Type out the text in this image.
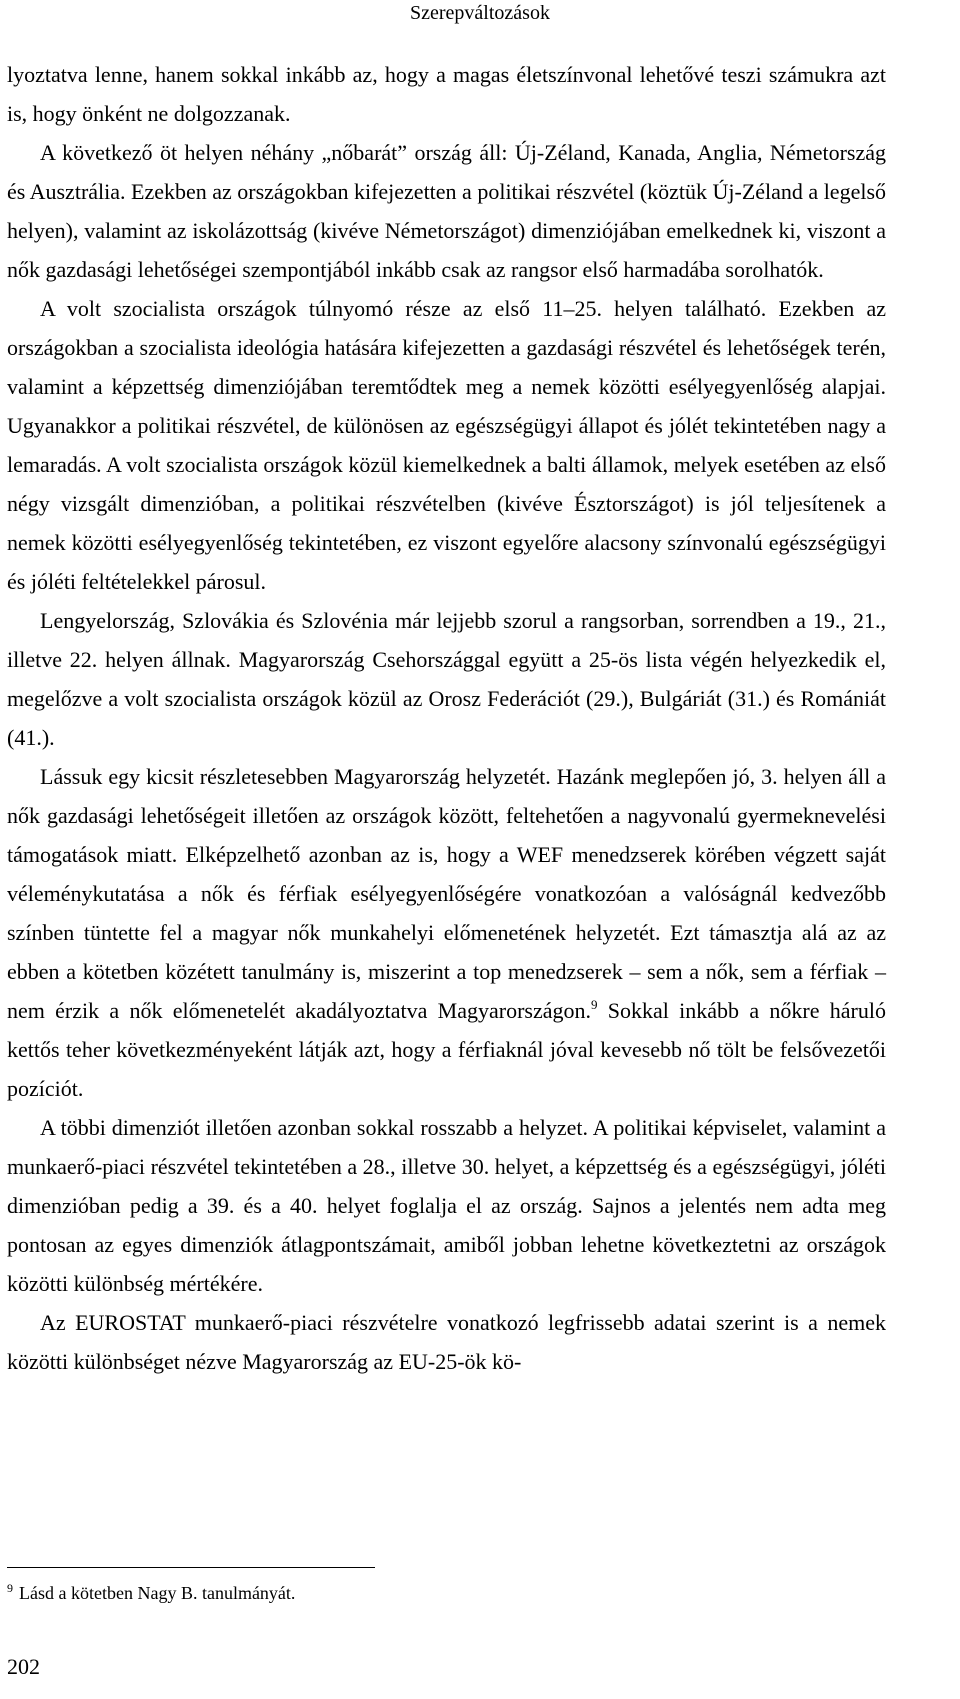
Szerepváltozások

lyoztatva lenne, hanem sokkal inkább az, hogy a magas életszínvonal lehetővé teszi számukra azt is, hogy önként ne dolgozzanak.

A következő öt helyen néhány „nőbarát” ország áll: Új-Zéland, Kanada, Anglia, Németország és Ausztrália. Ezekben az országokban kifejezetten a politikai részvétel (köztük Új-Zéland a legelső helyen), valamint az iskolázottság (kivéve Németországot) dimenziójában emelkednek ki, viszont a nők gazdasági lehetőségei szempontjából inkább csak az rangsor első harmadába sorolhatók.

A volt szocialista országok túlnyomó része az első 11–25. helyen található. Ezekben az országokban a szocialista ideológia hatására kifejezetten a gazdasági részvétel és lehetőségek terén, valamint a képzettség dimenziójában teremtődtek meg a nemek közötti esélyegyenlőség alapjai. Ugyanakkor a politikai részvétel, de különösen az egészségügyi állapot és jólét tekintetében nagy a lemaradás. A volt szocialista országok közül kiemelkednek a balti államok, melyek esetében az első négy vizsgált dimenzióban, a politikai részvételben (kivéve Észtországot) is jól teljesítenek a nemek közötti esélyegyenlőség tekintetében, ez viszont egyelőre alacsony színvonalú egészségügyi és jóléti feltételekkel párosul.

Lengyelország, Szlovákia és Szlovénia már lejjebb szorul a rangsorban, sorrendben a 19., 21., illetve 22. helyen állnak. Magyarország Csehországgal együtt a 25-ös lista végén helyezkedik el, megelőzve a volt szocialista országok közül az Orosz Federációt (29.), Bulgáriát (31.) és Romániát (41.).

Lássuk egy kicsit részletesebben Magyarország helyzetét. Hazánk meglepően jó, 3. helyen áll a nők gazdasági lehetőségeit illetően az országok között, feltehetően a nagyvonalú gyermeknevelési támogatások miatt. Elképzelhető azonban az is, hogy a WEF menedzserek körében végzett saját véleménykutatása a nők és férfiak esélyegyenlőségére vonatkozóan a valóságnál kedvezőbb színben tüntette fel a magyar nők munkahelyi előmenetének helyzetét. Ezt támasztja alá az az ebben a kötetben közétett tanulmány is, miszerint a top menedzserek – sem a nők, sem a férfiak – nem érzik a nők előmenetelét akadályoztatva Magyarországon.$^9$ Sokkal inkább a nőkre háruló kettős teher következményeként látják azt, hogy a férfiaknál jóval kevesebb nő tölt be felsővezetői pozíciót.

A többi dimenziót illetően azonban sokkal rosszabb a helyzet. A politikai képviselet, valamint a munkaerő-piaci részvétel tekintetében a 28., illetve 30. helyet, a képzettség és a egészségügyi, jóléti dimenzióban pedig a 39. és a 40. helyet foglalja el az ország. Sajnos a jelentés nem adta meg pontosan az egyes dimenziók átlagpontszámait, amiből jobban lehetne következtetni az országok közötti különbség mértékére.

Az EUROSTAT munkaerő-piaci részvételre vonatkozó legfrissebb adatai szerint is a nemek közötti különbséget nézve Magyarország az EU-25-ök kö-

$^9$ Lásd a kötetben Nagy B. tanulmányát.
202
